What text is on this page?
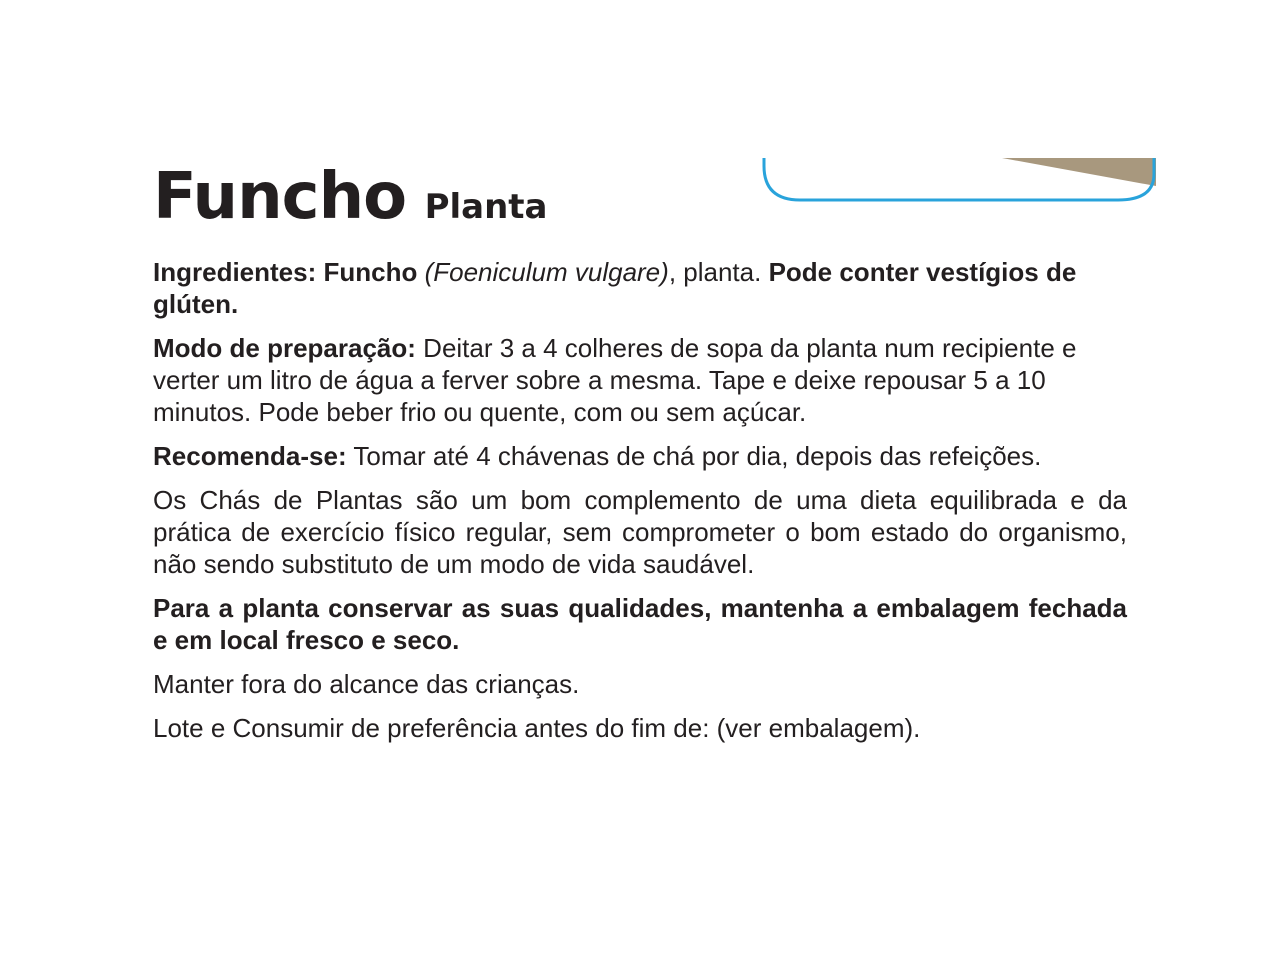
Funcho Planta

Ingredientes: Funcho (Foeniculum vulgare), planta. Pode conter vestígios de glúten.

Modo de preparação: Deitar 3 a 4 colheres de sopa da planta num recipiente e verter um litro de água a ferver sobre a mesma. Tape e deixe repousar 5 a 10 minutos. Pode beber frio ou quente, com ou sem açúcar.

Recomenda-se: Tomar até 4 chávenas de chá por dia, depois das refeições.

Os Chás de Plantas são um bom complemento de uma dieta equilibrada e da prática de exercício físico regular, sem comprometer o bom estado do organismo, não sendo substituto de um modo de vida saudável.

Para a planta conservar as suas qualidades, mantenha a embalagem fechada e em local fresco e seco.

Manter fora do alcance das crianças.

Lote e Consumir de preferência antes do fim de: (ver embalagem).
